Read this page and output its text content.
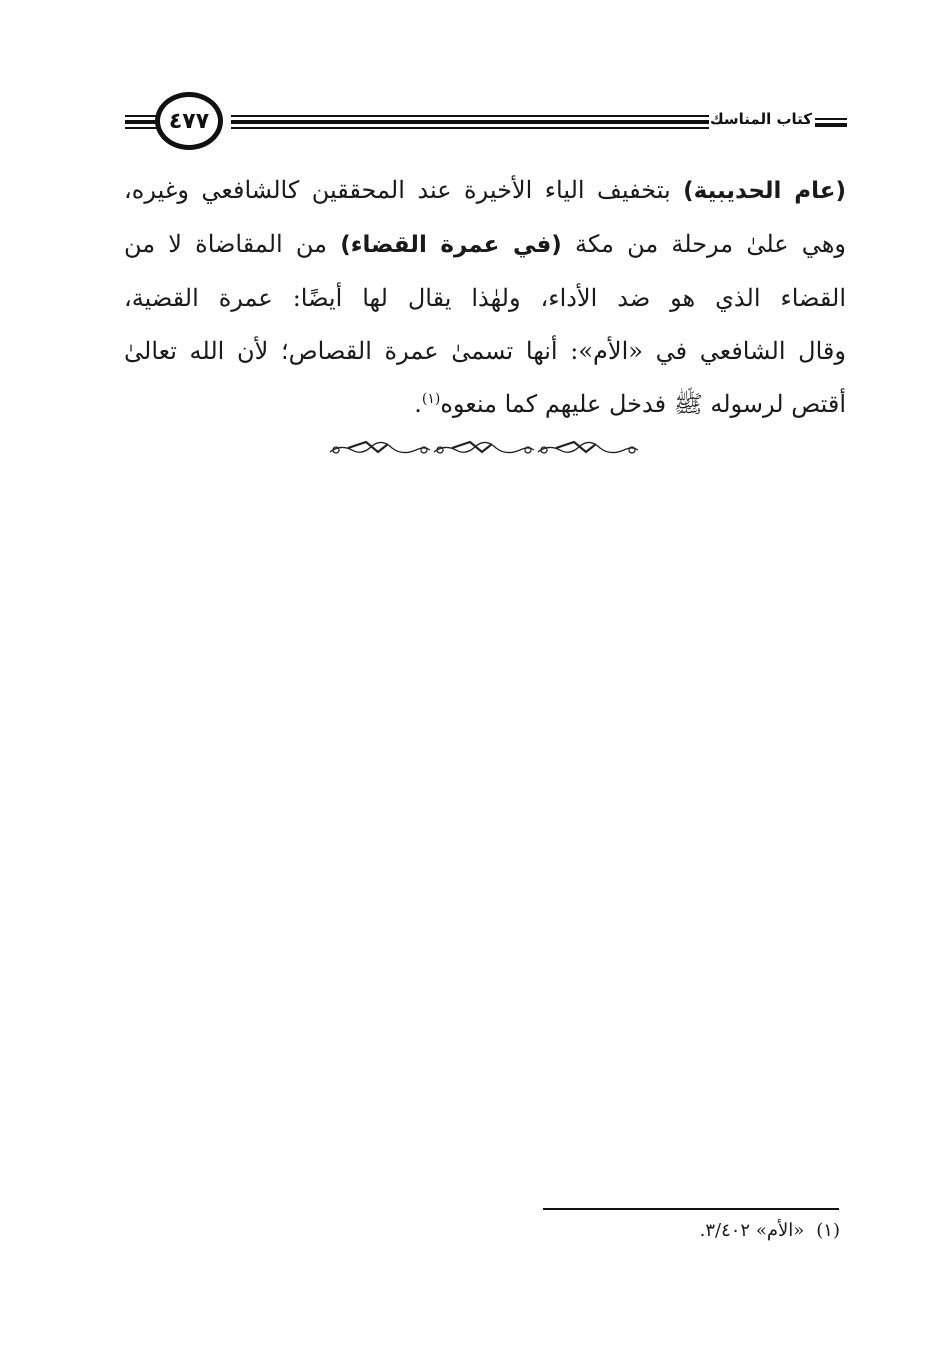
٤٧٧	كتاب المناسك
(عام الحديبية) بتخفيف الياء الأخيرة عند المحققين كالشافعي وغيره،
وهي علىٰ مرحلة من مكة (في عمرة القضاء) من المقاضاة لا من
القضاء الذي هو ضد الأداء، ولهٰذا يقال لها أيضًا: عمرة القضية،
وقال الشافعي في «الأم»: أنها تسمىٰ عمرة القصاص؛ لأن الله تعالىٰ
أقتص لرسوله ﷺ فدخل عليهم كما منعوه$^{(١)}$.
(١)«الأم» ٣/٤٠٢.
